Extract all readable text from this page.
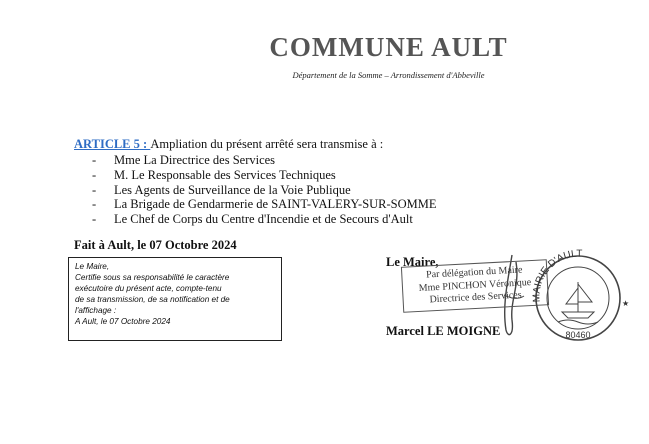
COMMUNE AULT
Département de la Somme – Arrondissement d'Abbeville
ARTICLE 5 : Ampliation du présent arrêté sera transmise à :
-	Mme La Directrice des Services
-	M. Le Responsable des Services Techniques
-	Les Agents de Surveillance de la Voie Publique
-	La Brigade de Gendarmerie de SAINT-VALERY-SUR-SOMME
-	Le Chef de Corps du Centre d'Incendie et de Secours d'Ault
Fait à Ault, le 07 Octobre 2024
Le Maire,
Certifie sous sa responsabilité le caractère
exécutoire du présent acte, compte-tenu
de sa transmission, de sa notification et de
l'affichage :
A Ault, le 07 Octobre 2024
Le Maire,
Par délégation du Maire
Mme PINCHON Véronique
Directrice des Services MAIRIE D'AULT
80460
★
Marcel LE MOIGNE
